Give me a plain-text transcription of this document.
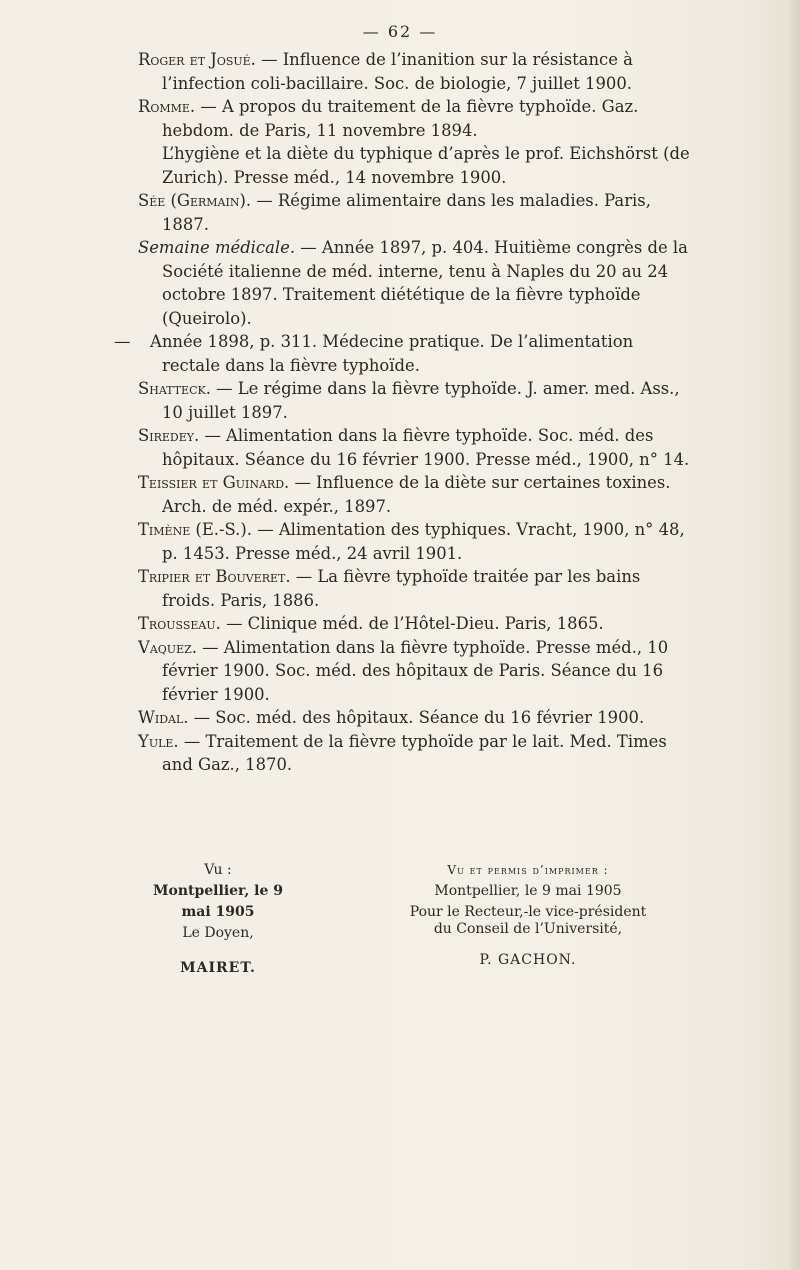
— 62 —

Roger et Josué. — Influence de l’inanition sur la résistance à l’infection coli-bacillaire. Soc. de biologie, 7 juillet 1900.

Romme. — A propos du traitement de la fièvre typhoïde. Gaz. hebdom. de Paris, 11 novembre 1894.

L’hygiène et la diète du typhique d’après le prof. Eichshörst (de Zurich). Presse méd., 14 novembre 1900.

Sée (Germain). — Régime alimentaire dans les maladies. Paris, 1887.

Semaine médicale. — Année 1897, p. 404. Huitième congrès de la Société italienne de méd. interne, tenu à Naples du 20 au 24 octobre 1897. Traitement diététique de la fièvre typhoïde (Queirolo).

— Année 1898, p. 311. Médecine pratique. De l’alimentation rectale dans la fièvre typhoïde.

Shatteck. — Le régime dans la fièvre typhoïde. J. amer. med. Ass., 10 juillet 1897.

Siredey. — Alimentation dans la fièvre typhoïde. Soc. méd. des hôpitaux. Séance du 16 février 1900. Presse méd., 1900, n° 14.

Teissier et Guinard. — Influence de la diète sur certaines toxines. Arch. de méd. expér., 1897.

Timène (E.-S.). — Alimentation des typhiques. Vracht, 1900, n° 48, p. 1453. Presse méd., 24 avril 1901.

Tripier et Bouveret. — La fièvre typhoïde traitée par les bains froids. Paris, 1886.

Trousseau. — Clinique méd. de l’Hôtel-Dieu. Paris, 1865.

Vaquez. — Alimentation dans la fièvre typhoïde. Presse méd., 10 février 1900. Soc. méd. des hôpitaux de Paris. Séance du 16 février 1900.

Widal. — Soc. méd. des hôpitaux. Séance du 16 février 1900.

Yule. — Traitement de la fièvre typhoïde par le lait. Med. Times and Gaz., 1870.

Vu :
Montpellier, le 9 mai 1905
Le Doyen,
MAIRET.
Vu et permis d’imprimer :
Montpellier, le 9 mai 1905
Pour le Recteur,-le vice-président
du Conseil de l’Université,
P. GACHON.
